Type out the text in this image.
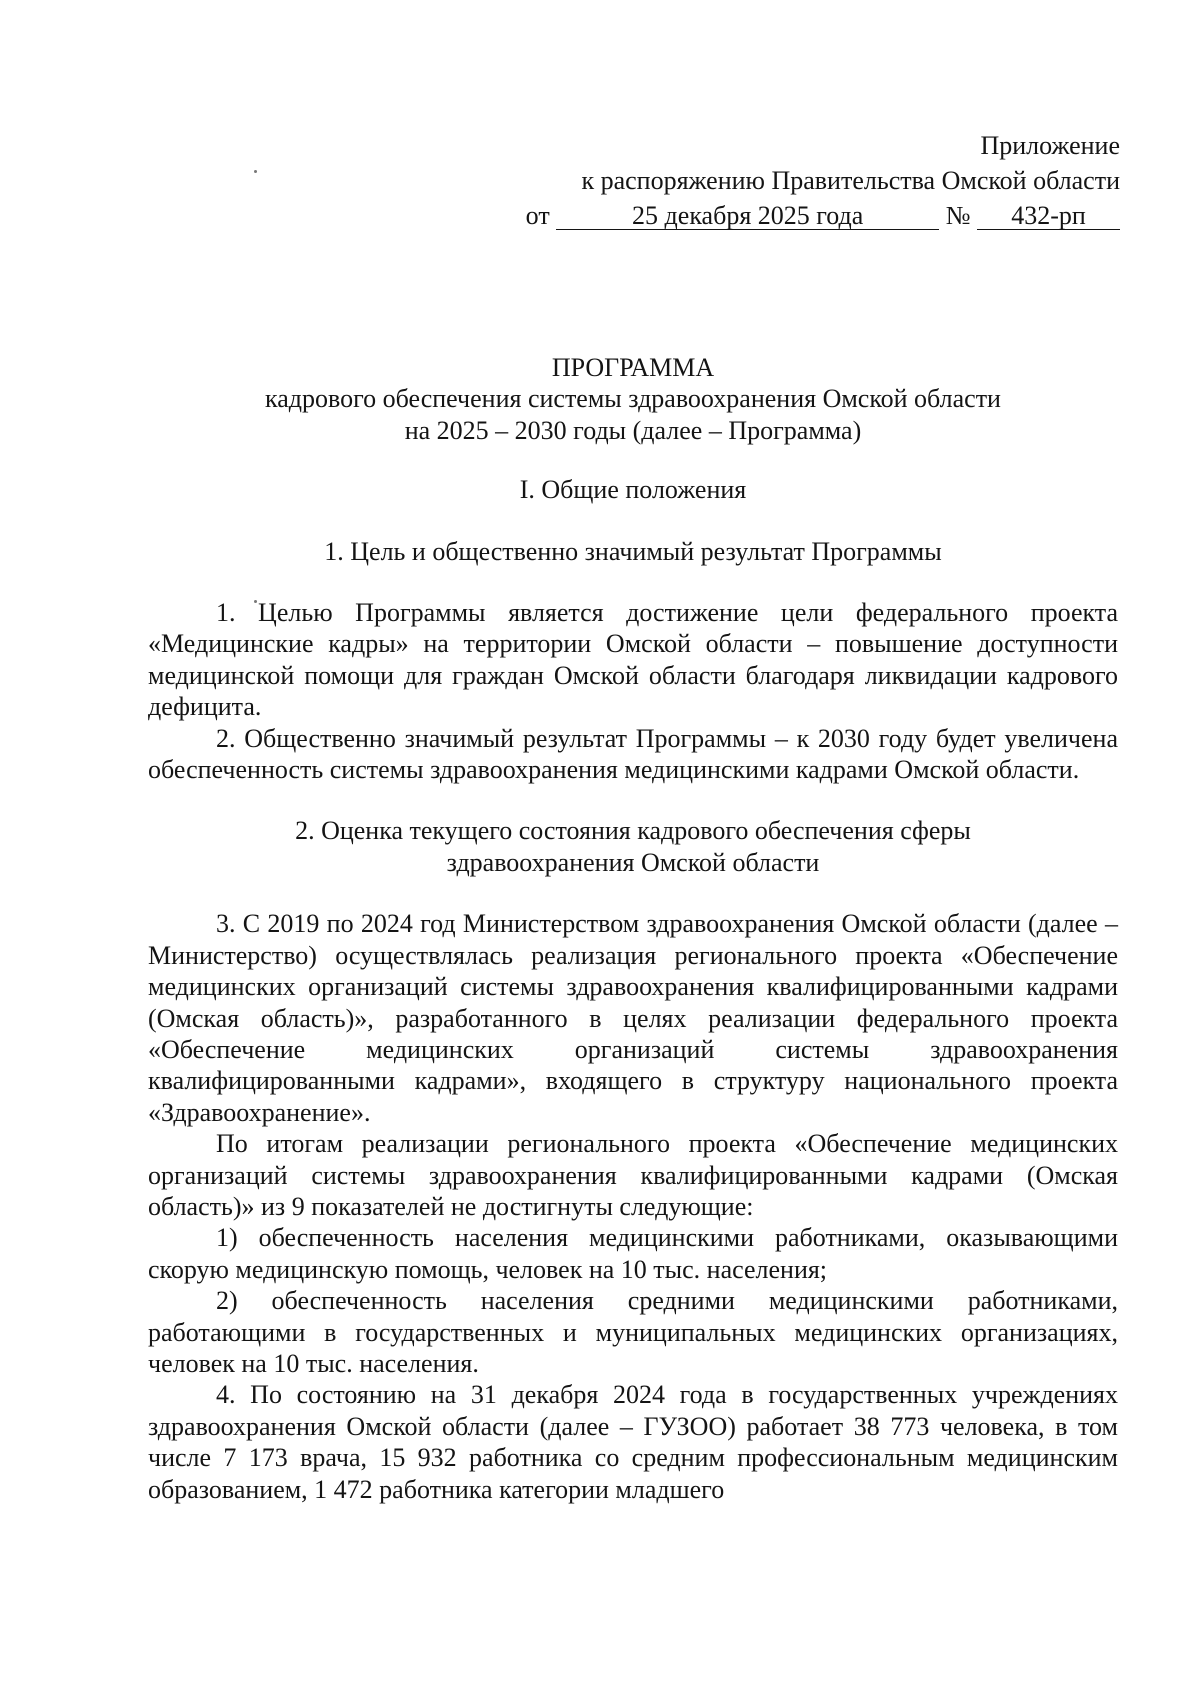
Приложение
к распоряжению Правительства Омской области
от	25 декабря 2025 года	№ 432-рп
ПРОГРАММА
кадрового обеспечения системы здравоохранения Омской области
на 2025 – 2030 годы (далее – Программа)
I. Общие положения
1. Цель и общественно значимый результат Программы

1. Целью Программы является достижение цели федерального проекта «Медицинские кадры» на территории Омской области – повышение доступности медицинской помощи для граждан Омской области благодаря ликвидации кадрового дефицита.

2. Общественно значимый результат Программы – к 2030 году будет увеличена обеспеченность системы здравоохранения медицинскими кадрами Омской области.

2. Оценка текущего состояния кадрового обеспечения сферы
здравоохранения Омской области

3. С 2019 по 2024 год Министерством здравоохранения Омской области (далее – Министерство) осуществлялась реализация регионального проекта «Обеспечение медицинских организаций системы здравоохранения квалифицированными кадрами (Омская область)», разработанного в целях реализации федерального проекта «Обеспечение медицинских организаций системы здравоохранения квалифицированными кадрами», входящего в структуру национального проекта «Здравоохранение».

По итогам реализации регионального проекта «Обеспечение медицинских организаций системы здравоохранения квалифицированными кадрами (Омская область)» из 9 показателей не достигнуты следующие:

1) обеспеченность населения медицинскими работниками, оказывающими скорую медицинскую помощь, человек на 10 тыс. населения;

2) обеспеченность населения средними медицинскими работниками, работающими в государственных и муниципальных медицинских организациях, человек на 10 тыс. населения.

4. По состоянию на 31 декабря 2024 года в государственных учреждениях здравоохранения Омской области (далее – ГУЗОО) работает 38 773 человека, в том числе 7 173 врача, 15 932 работника со средним профессиональным медицинским образованием, 1 472 работника категории младшего
